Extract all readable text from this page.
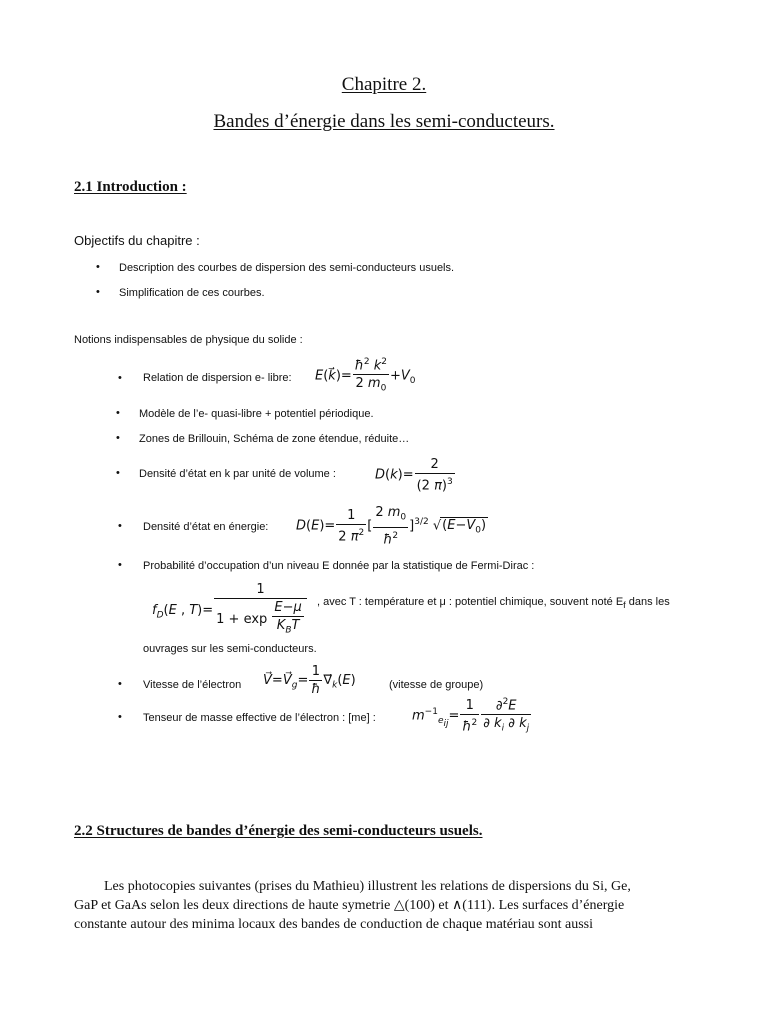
Chapitre 2.
Bandes d’énergie dans les semi-conducteurs.
2.1 Introduction :
Objectifs du chapitre :
• Description des courbes de dispersion des semi-conducteurs usuels.
• Simplification de ces courbes.
Notions indispensables de physique du solide :
• Relation de dispersion e- libre: E(k⃗)= $\frac{ħ^2 k^2}{2 m_0} +V_0$
• Modèle de l’e- quasi-libre + potentiel périodique.
• Zones de Brillouin, Schéma de zone étendue, réduite…
• Densité d’état en k par unité de volume :	$D(k)= \frac{2}{(2 \pi)^3}$
• Densité d’état en énergie: $D(E)= \frac{1}{2 \pi^2}$ [ $\frac{2 m_0}{ħ^2} ]^{3/2}$ $√(E-V_0)$
• Probabilité d’occupation d’un niveau E donnée par la statistique de Fermi-Dirac :
$f_D(E$ , $T)= \frac{1}{1 + \exp \frac{E-\mu}{K_BT}}$ , avec T : température et μ : potentiel chimique, souvent noté $E_f$ dans les
ouvrages sur les semi-conducteurs.
• Vitesse de l’électron $V⃗=V⃗_g= \frac{1}{ħ}$ $\nabla⃗_k(E)$	(vitesse de groupe)
• Tenseur de masse effective de l’électron : [me] :	$m^{-1}_{e_{ij}}= \frac{1}{ħ^2} \frac{\partial^2E}{\partial k_i \partial k_j}$
2.2 Structures de bandes d’énergie des semi-conducteurs usuels.
Les photocopies suivantes (prises du Mathieu) illustrent les relations de dispersions du Si, Ge,
GaP et GaAs selon les deux directions de haute symetrie △(100) et ∧(111). Les surfaces d’énergie
constante autour des minima locaux des bandes de conduction de chaque matériau sont aussi
